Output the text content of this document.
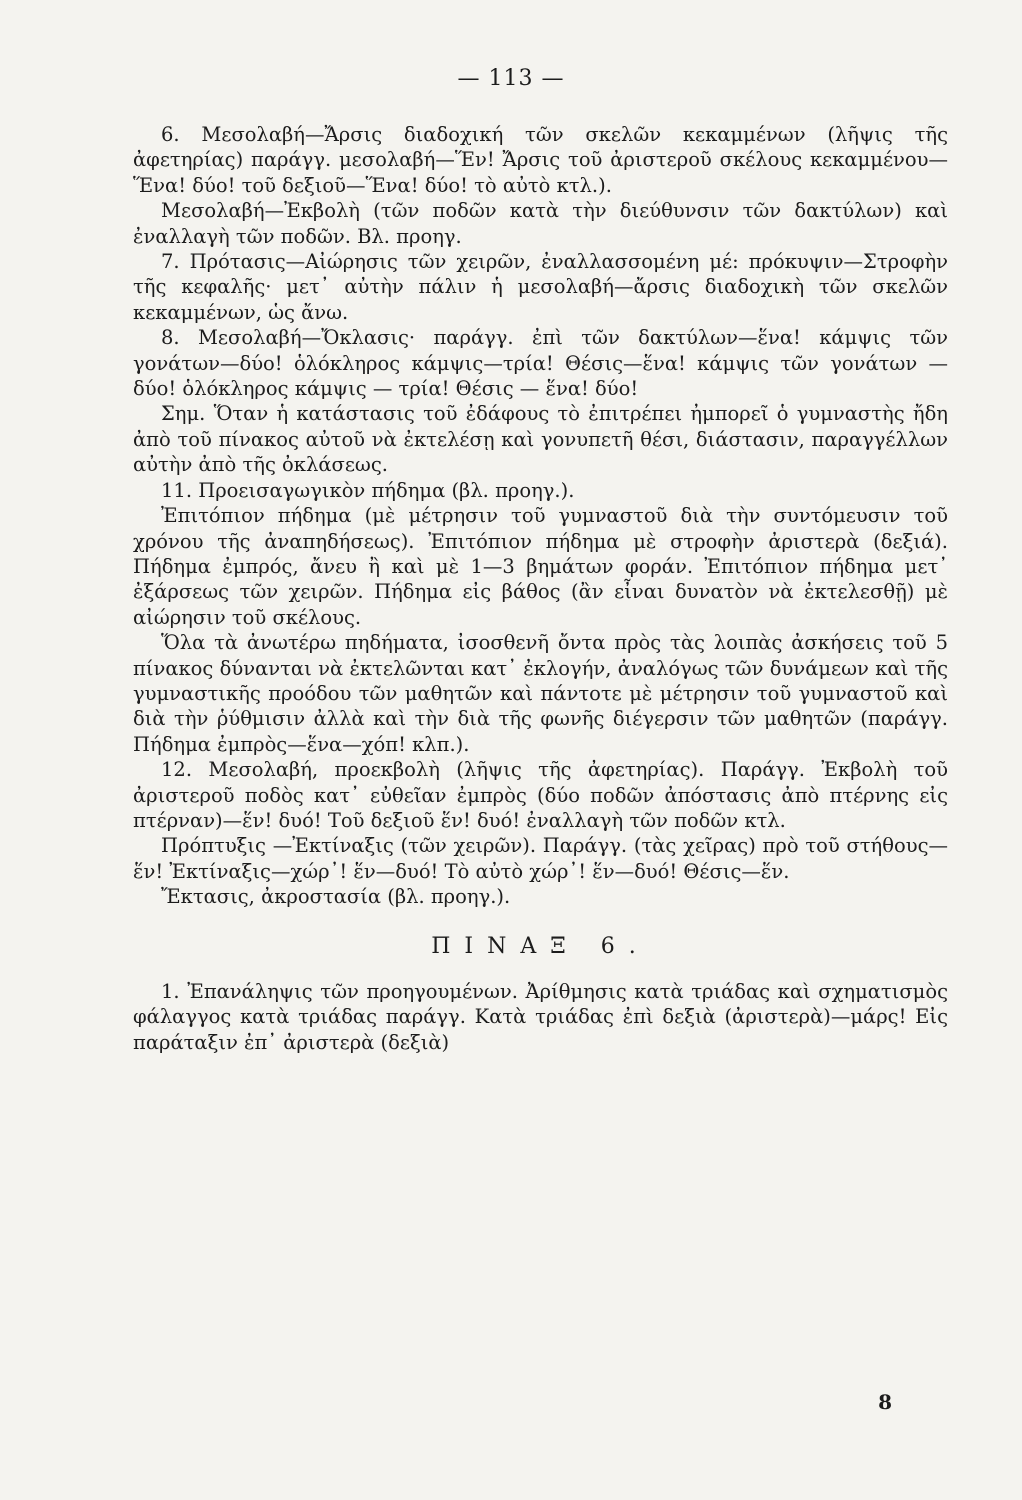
— 113 —

6. Μεσολαβή—Ἄρσις διαδοχική τῶν σκελῶν κεκαμμένων (λῆψις τῆς ἀφετηρίας) παράγγ. μεσολαβή—Ἕν! Ἄρσις τοῦ ἀριστεροῦ σκέλους κεκαμμένου—Ἕνα! δύο! τοῦ δεξιοῦ—Ἕνα! δύο! τὸ αὐτὸ κτλ.).

Μεσολαβή—Ἐκβολὴ (τῶν ποδῶν κατὰ τὴν διεύθυνσιν τῶν δακτύλων) καὶ ἐναλλαγὴ τῶν ποδῶν. Βλ. προηγ.

7. Πρότασις—Αἰώρησις τῶν χειρῶν, ἐναλλασσομένη μέ: πρόκυψιν—Στροφὴν τῆς κεφαλῆς· μετ᾽ αὐτὴν πάλιν ἡ μεσολαβή—ἄρσις διαδοχικὴ τῶν σκελῶν κεκαμμένων, ὡς ἄνω.

8. Μεσολαβή—Ὄκλασις· παράγγ. ἐπὶ τῶν δακτύλων—ἕνα! κάμψις τῶν γονάτων—δύο! ὁλόκληρος κάμψις—τρία! Θέσις—ἕνα! κάμψις τῶν γονάτων — δύο! ὁλόκληρος κάμψις — τρία! Θέσις — ἕνα! δύο!

Σημ. Ὅταν ἡ κατάστασις τοῦ ἐδάφους τὸ ἐπιτρέπει ἠμπορεῖ ὁ γυμναστὴς ἤδη ἀπὸ τοῦ πίνακος αὐτοῦ νὰ ἐκτελέσῃ καὶ γονυπετῆ θέσι, διάστασιν, παραγγέλλων αὐτὴν ἀπὸ τῆς ὀκλάσεως.

11. Προεισαγωγικὸν πήδημα (βλ. προηγ.).

Ἐπιτόπιον πήδημα (μὲ μέτρησιν τοῦ γυμναστοῦ διὰ τὴν συντόμευσιν τοῦ χρόνου τῆς ἀναπηδήσεως). Ἐπιτόπιον πήδημα μὲ στροφὴν ἀριστερὰ (δεξιά). Πήδημα ἐμπρός, ἄνευ ἢ καὶ μὲ 1—3 βημάτων φοράν. Ἐπιτόπιον πήδημα μετ᾽ ἐξάρσεως τῶν χειρῶν. Πήδημα εἰς βάθος (ἂν εἶναι δυνατὸν νὰ ἐκτελεσθῇ) μὲ αἰώρησιν τοῦ σκέλους.

Ὅλα τὰ ἀνωτέρω πηδήματα, ἰσοσθενῆ ὄντα πρὸς τὰς λοιπὰς ἀσκήσεις τοῦ 5 πίνακος δύνανται νὰ ἐκτελῶνται κατ᾽ ἐκλογήν, ἀναλόγως τῶν δυνάμεων καὶ τῆς γυμναστικῆς προόδου τῶν μαθητῶν καὶ πάντοτε μὲ μέτρησιν τοῦ γυμναστοῦ καὶ διὰ τὴν ῥύθμισιν ἀλλὰ καὶ τὴν διὰ τῆς φωνῆς διέγερσιν τῶν μαθητῶν (παράγγ. Πήδημα ἐμπρὸς—ἕνα—χόπ! κλπ.).

12. Μεσολαβή, προεκβολὴ (λῆψις τῆς ἀφετηρίας). Παράγγ. Ἐκβολὴ τοῦ ἀριστεροῦ ποδὸς κατ᾽ εὐθεῖαν ἐμπρὸς (δύο ποδῶν ἀπόστασις ἀπὸ πτέρνης εἰς πτέρναν)—ἕν! δυό! Τοῦ δεξιοῦ ἕν! δυό! ἐναλλαγὴ τῶν ποδῶν κτλ.

Πρόπτυξις —Ἐκτίναξις (τῶν χειρῶν). Παράγγ. (τὰς χεῖρας) πρὸ τοῦ στήθους—ἕν! Ἐκτίναξις—χώρ᾽! ἕν—δυό! Τὸ αὐτὸ χώρ᾽! ἕν—δυό! Θέσις—ἕν.

Ἔκτασις, ἀκροστασία (βλ. προηγ.).

ΠΙΝΑΞ 6.

1. Ἐπανάληψις τῶν προηγουμένων. Ἀρίθμησις κατὰ τριάδας καὶ σχηματισμὸς φάλαγγος κατὰ τριάδας παράγγ. Κατὰ τριάδας ἐπὶ δεξιὰ (ἀριστερὰ)—μάρς! Εἰς παράταξιν ἐπ᾽ ἀριστερὰ (δεξιὰ)

8
